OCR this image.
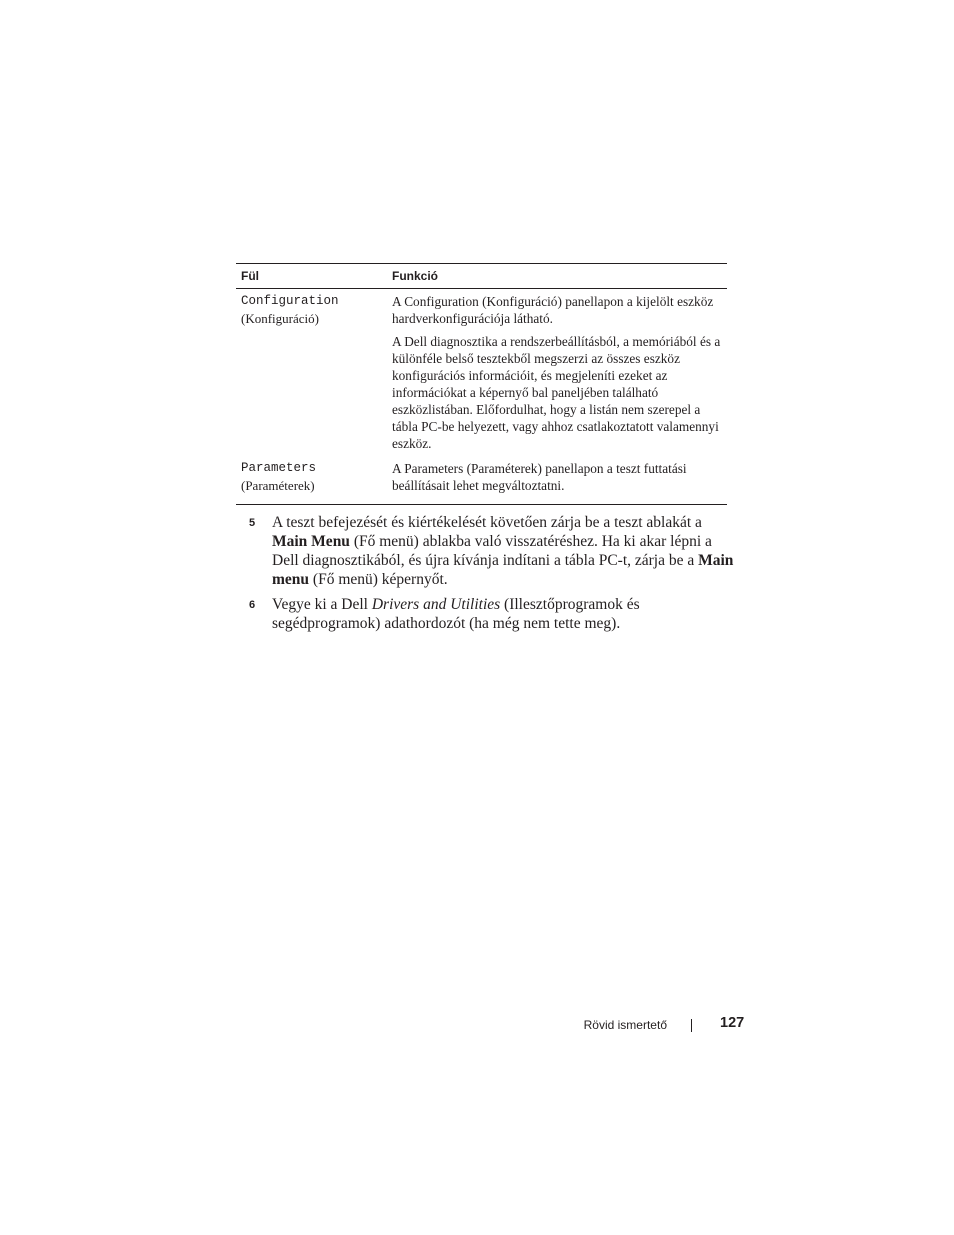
Fül	Funkció
Configuration
(Konfiguráció)

A Configuration (Konfiguráció) panellapon a kijelölt eszköz hardverkonfigurációja látható.

A Dell diagnosztika a rendszerbeállításból, a memóriából és a különféle belső tesztekből megszerzi az összes eszköz konfigurációs információit, és megjeleníti ezeket az információkat a képernyő bal paneljében található eszközlistában. Előfordulhat, hogy a listán nem szerepel a tábla PC-be helyezett, vagy ahhoz csatlakoztatott valamennyi eszköz.

Parameters
(Paraméterek)

A Parameters (Paraméterek) panellapon a teszt futtatási beállításait lehet megváltoztatni.

5 A teszt befejezését és kiértékelését követően zárja be a teszt ablakát a Main Menu (Fő menü) ablakba való visszatéréshez. Ha ki akar lépni a Dell diagnosztikából, és újra kívánja indítani a tábla PC-t, zárja be a Main menu (Fő menü) képernyőt.
6 Vegye ki a Dell Drivers and Utilities (Illesztőprogramok és segédprogramok) adathordozót (ha még nem tette meg).
Rövid ismertető	127
